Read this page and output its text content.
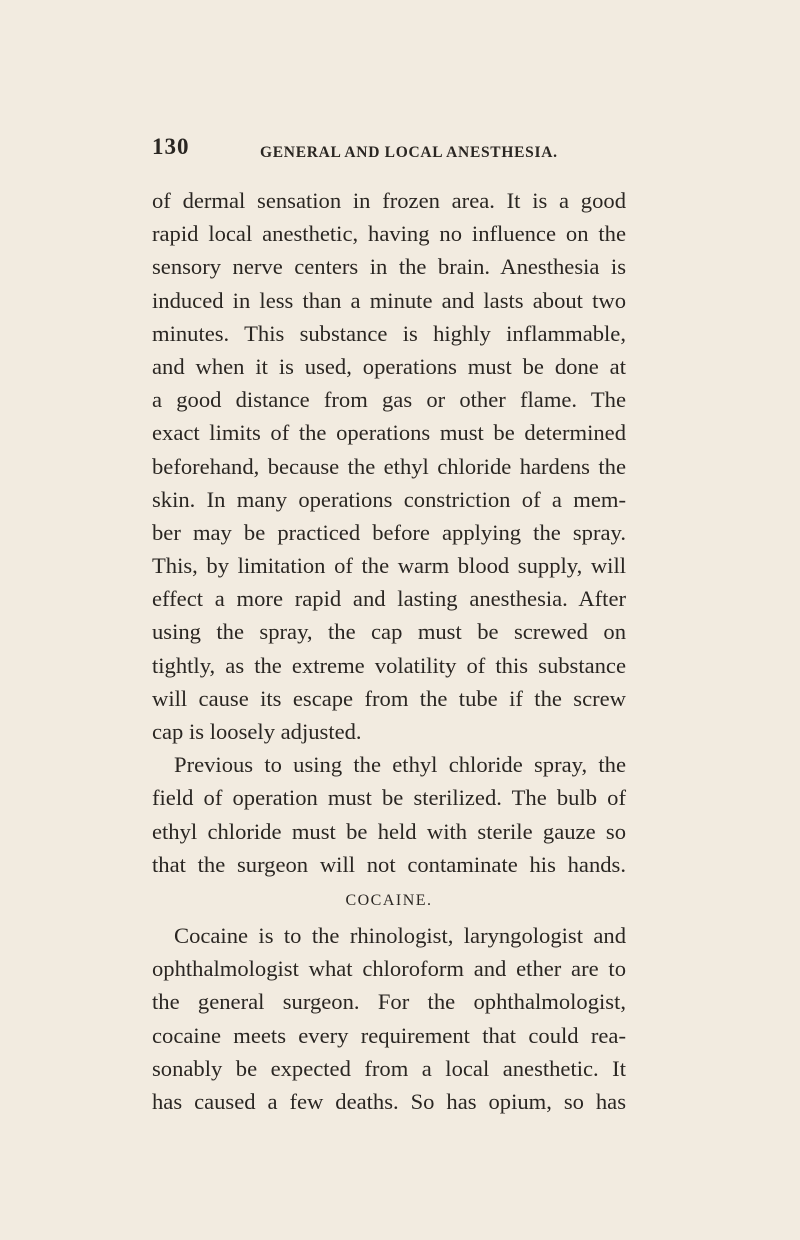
130	GENERAL AND LOCAL ANESTHESIA.
of dermal sensation in frozen area. It is a good
rapid local anesthetic, having no influence on the
sensory nerve centers in the brain. Anesthesia is
induced in less than a minute and lasts about two
minutes. This substance is highly inflammable,
and when it is used, operations must be done at
a good distance from gas or other flame. The
exact limits of the operations must be determined
beforehand, because the ethyl chloride hardens the
skin. In many operations constriction of a mem-
ber may be practiced before applying the spray.
This, by limitation of the warm blood supply, will
effect a more rapid and lasting anesthesia. After
using the spray, the cap must be screwed on
tightly, as the extreme volatility of this substance
will cause its escape from the tube if the screw
cap is loosely adjusted.
Previous to using the ethyl chloride spray, the
field of operation must be sterilized. The bulb of
ethyl chloride must be held with sterile gauze so
that the surgeon will not contaminate his hands.
COCAINE.
Cocaine is to the rhinologist, laryngologist and
ophthalmologist what chloroform and ether are to
the general surgeon. For the ophthalmologist,
cocaine meets every requirement that could rea-
sonably be expected from a local anesthetic. It
has caused a few deaths. So has opium, so has
